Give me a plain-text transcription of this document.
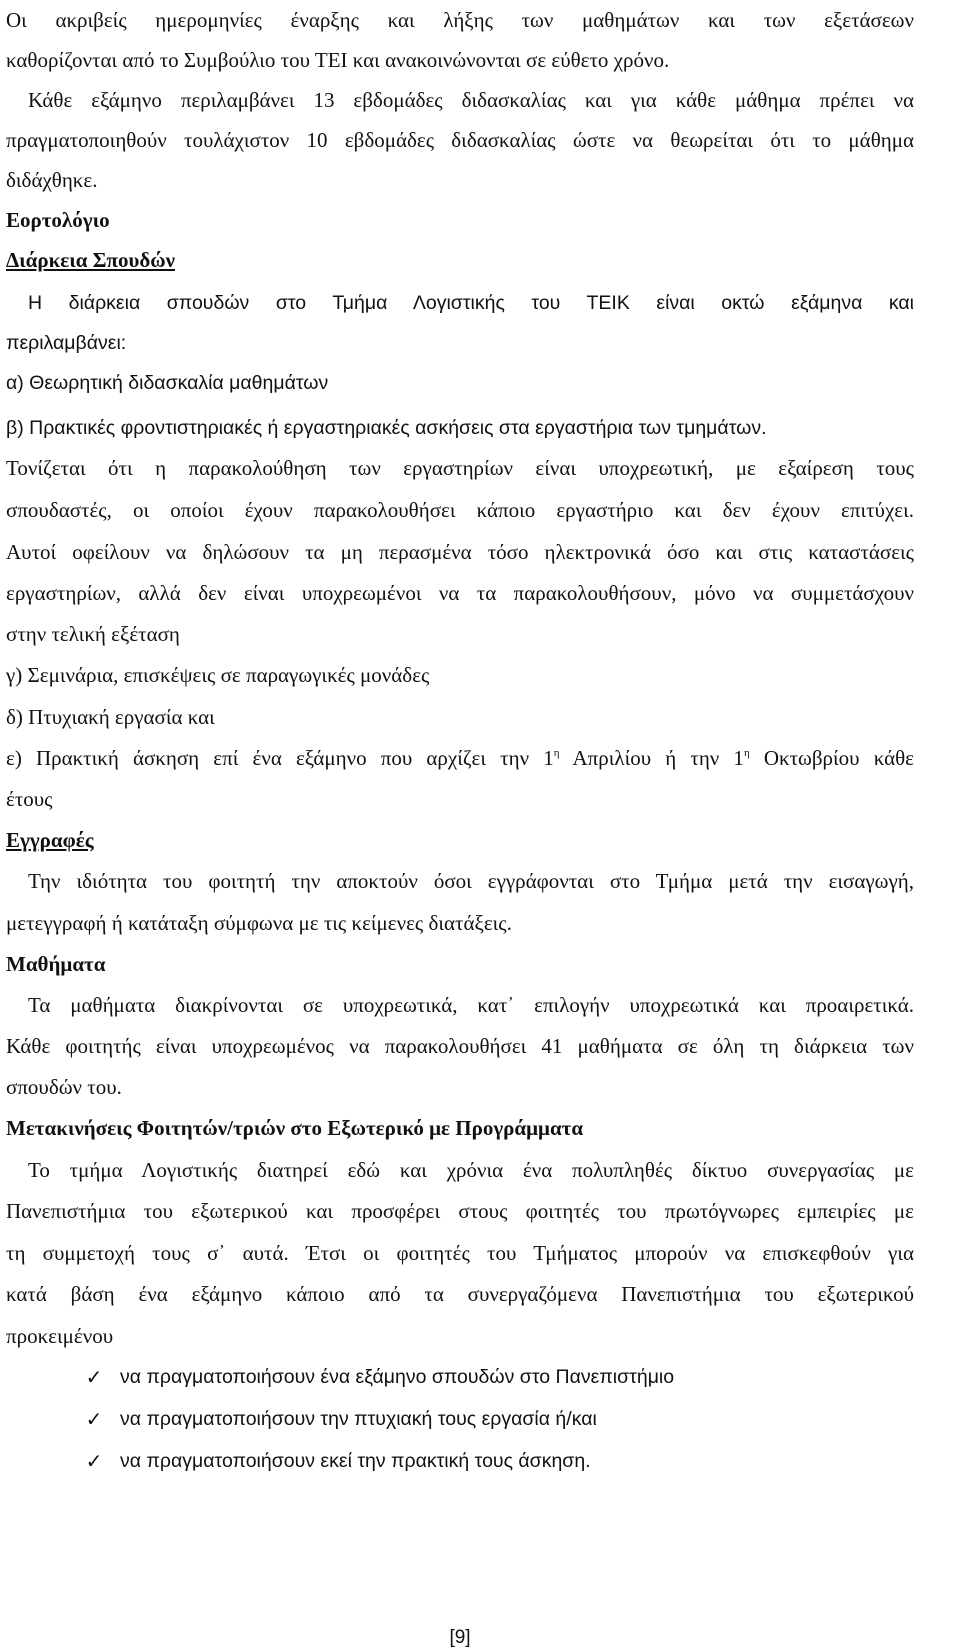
Οι ακριβείς ημερομηνίες έναρξης και λήξης των μαθημάτων και των εξετάσεων
καθορίζονται από το Συμβούλιο του ΤΕΙ και ανακοινώνονται σε εύθετο χρόνο.
Κάθε εξάμηνο περιλαμβάνει 13 εβδομάδες διδασκαλίας και για κάθε μάθημα πρέπει να
πραγματοποιηθούν τουλάχιστον 10 εβδομάδες διδασκαλίας ώστε να θεωρείται ότι το μάθημα
διδάχθηκε.
Εορτολόγιο
Διάρκεια Σπουδών
Η διάρκεια σπουδών στο Τμήμα Λογιστικής του ΤΕΙΚ είναι οκτώ εξάμηνα και
περιλαμβάνει:
α) Θεωρητική διδασκαλία μαθημάτων
β) Πρακτικές φροντιστηριακές ή εργαστηριακές ασκήσεις στα εργαστήρια των τμημάτων.
Τονίζεται ότι η παρακολούθηση των εργαστηρίων είναι υποχρεωτική, με εξαίρεση τους
σπουδαστές, οι οποίοι έχουν παρακολουθήσει κάποιο εργαστήριο και δεν έχουν επιτύχει.
Αυτοί οφείλουν να δηλώσουν τα μη περασμένα τόσο ηλεκτρονικά όσο και στις καταστάσεις
εργαστηρίων, αλλά δεν είναι υποχρεωμένοι να τα παρακολουθήσουν, μόνο να συμμετάσχουν
στην τελική εξέταση
γ) Σεμινάρια, επισκέψεις σε παραγωγικές μονάδες
δ) Πτυχιακή εργασία και
ε) Πρακτική άσκηση επί ένα εξάμηνο που αρχίζει την $1^\eta$ Απριλίου ή την $1^\eta$ Οκτωβρίου κάθε
έτους
Εγγραφές
Την ιδιότητα του φοιτητή την αποκτούν όσοι εγγράφονται στο Τμήμα μετά την εισαγωγή,
μετεγγραφή ή κατάταξη σύμφωνα με τις κείμενες διατάξεις.
Μαθήματα
Τα μαθήματα διακρίνονται σε υποχρεωτικά, κατ᾽ επιλογήν υποχρεωτικά και προαιρετικά.
Κάθε φοιτητής είναι υποχρεωμένος να παρακολουθήσει 41 μαθήματα σε όλη τη διάρκεια των
σπουδών του.
Μετακινήσεις Φοιτητών/τριών στο Εξωτερικό με Προγράμματα
Το τμήμα Λογιστικής διατηρεί εδώ και χρόνια ένα πολυπληθές δίκτυο συνεργασίας με
Πανεπιστήμια του εξωτερικού και προσφέρει στους φοιτητές του πρωτόγνωρες εμπειρίες με
τη συμμετοχή τους σ᾽ αυτά. Έτσι οι φοιτητές του Τμήματος μπορούν να επισκεφθούν για
κατά βάση ένα εξάμηνο κάποιο από τα συνεργαζόμενα Πανεπιστήμια του εξωτερικού
προκειμένου
✓ να πραγματοποιήσουν ένα εξάμηνο σπουδών στο Πανεπιστήμιο
✓ να πραγματοποιήσουν την πτυχιακή τους εργασία ή/και
✓ να πραγματοποιήσουν εκεί την πρακτική τους άσκηση.
[9]
